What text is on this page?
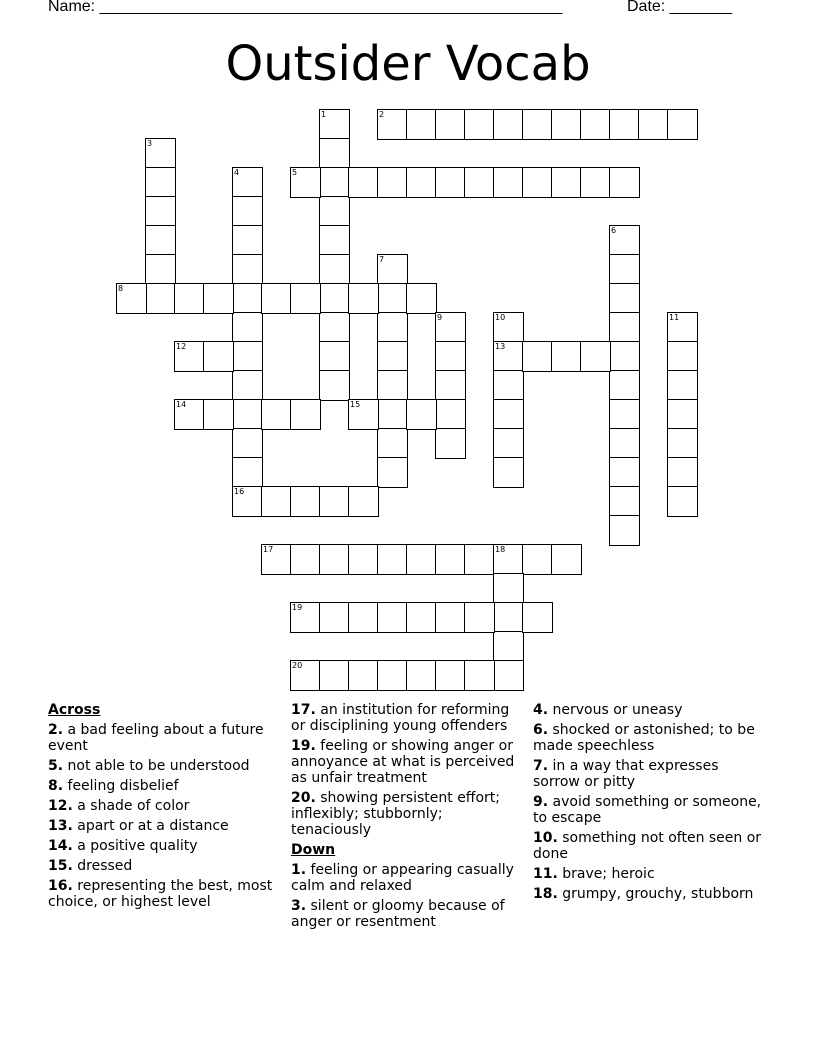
Name: ____________________________________________________	Date: _______
Outsider Vocab
1	2
3
4
16
5
6
7
8
9	10
13
11
12
14	15
17	18
19
20
Across
2. a bad feeling about a future event
5. not able to be understood
8. feeling disbelief
12. a shade of color
13. apart or at a distance
14. a positive quality
15. dressed
16. representing the best, most choice, or highest level
17. an institution for reforming or disciplining young offenders
19. feeling or showing anger or annoyance at what is perceived as unfair treatment
20. showing persistent effort; inflexibly; stubbornly; tenaciously
Down
1. feeling or appearing casually calm and relaxed
3. silent or gloomy because of anger or resentment
4. nervous or uneasy
6. shocked or astonished; to be made speechless
7. in a way that expresses sorrow or pitty
9. avoid something or someone, to escape
10. something not often seen or done
11. brave; heroic
18. grumpy, grouchy, stubborn
